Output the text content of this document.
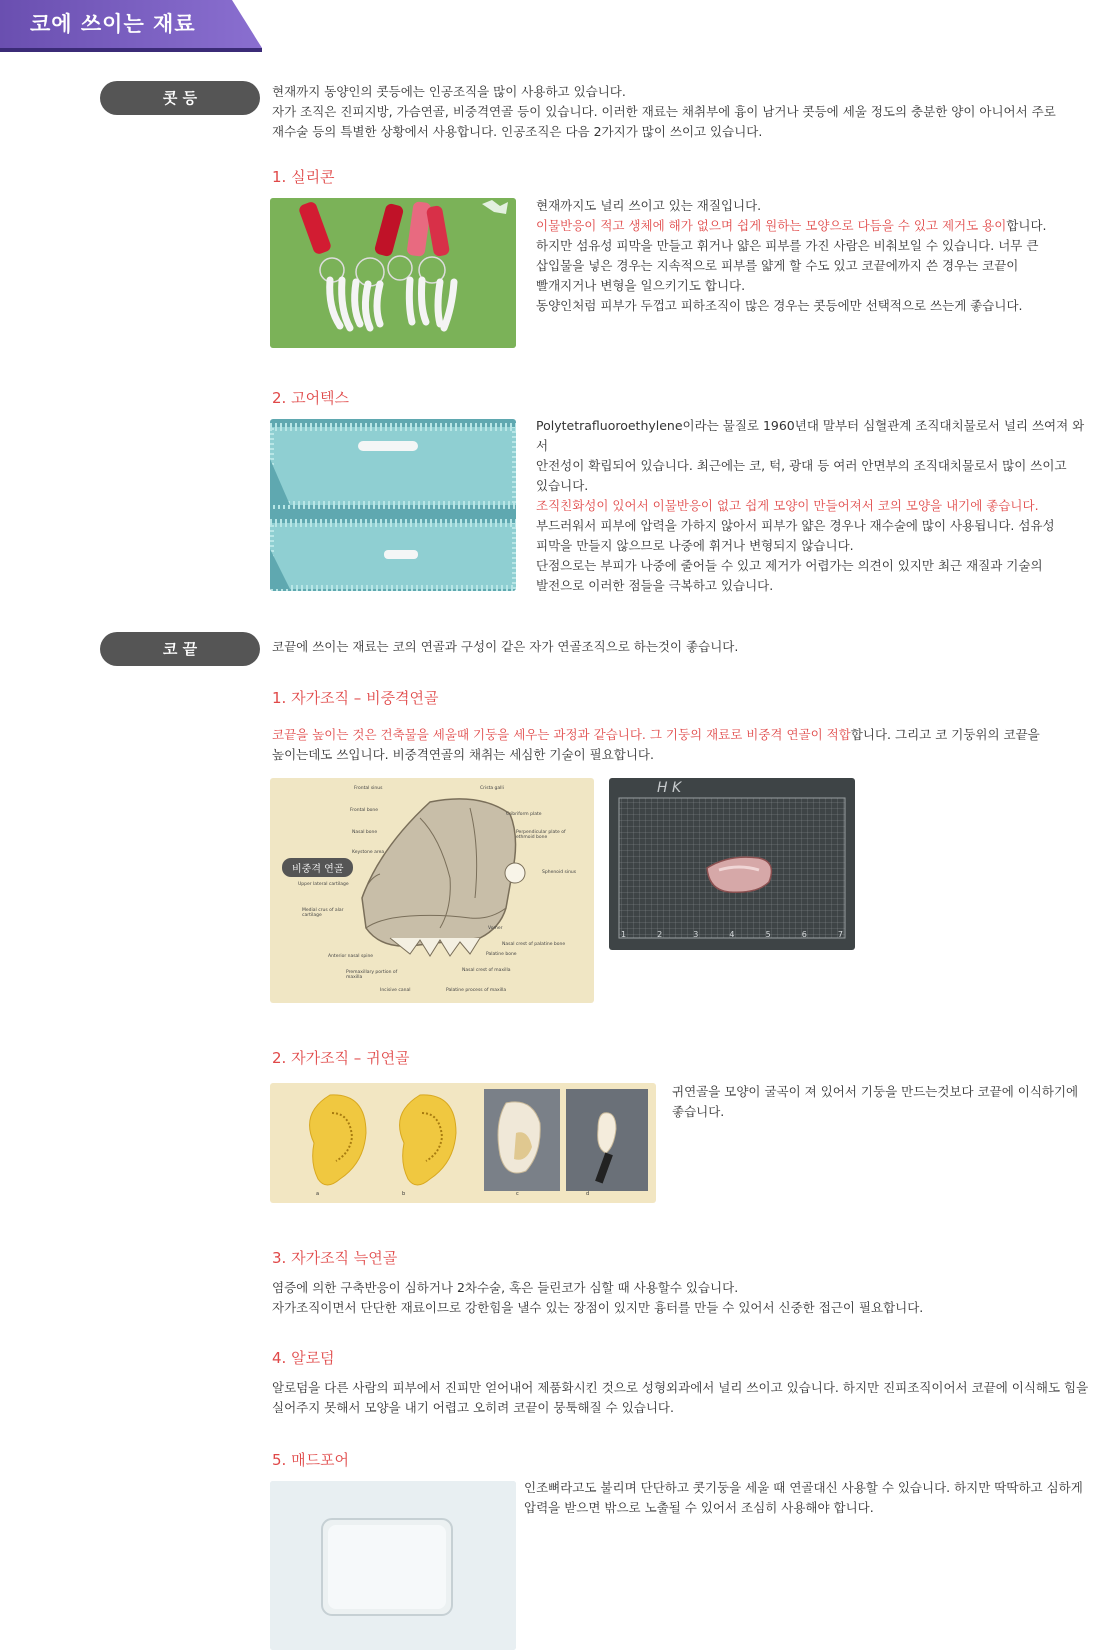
코에 쓰이는 재료
콧 등	현재까지 동양인의 콧등에는 인공조직을 많이 사용하고 있습니다.

자가 조직은 진피지방, 가슴연골, 비중격연골 등이 있습니다. 이러한 재료는 채취부에 흉이 남거나 콧등에 세울 정도의 충분한 양이 아니어서 주로

재수술 등의 특별한 상황에서 사용합니다. 인공조직은 다음 2가지가 많이 쓰이고 있습니다.

1. 실리콘

현재까지도 널리 쓰이고 있는 재질입니다.

이물반응이 적고 생체에 해가 없으며 쉽게 원하는 모양으로 다듬을 수 있고 제거도 용이합니다.

하지만 섬유성 피막을 만들고 휘거나 얇은 피부를 가진 사람은 비춰보일 수 있습니다. 너무 큰

삽입물을 넣은 경우는 지속적으로 피부를 얇게 할 수도 있고 코끝에까지 쓴 경우는 코끝이

빨개지거나 변형을 일으키기도 합니다.

동양인처럼 피부가 두껍고 피하조직이 많은 경우는 콧등에만 선택적으로 쓰는게 좋습니다.

2. 고어텍스

Polytetrafluoroethylene이라는 물질로 1960년대 말부터 심혈관계 조직대치물로서 널리 쓰여져 와서

안전성이 확립되어 있습니다. 최근에는 코, 턱, 광대 등 여러 안면부의 조직대치물로서 많이 쓰이고

있습니다.

조직친화성이 있어서 이물반응이 없고 쉽게 모양이 만들어져서 코의 모양을 내기에 좋습니다.

부드러워서 피부에 압력을 가하지 않아서 피부가 얇은 경우나 재수술에 많이 사용됩니다. 섬유성

피막을 만들지 않으므로 나중에 휘거나 변형되지 않습니다.

단점으로는 부피가 나중에 줄어들 수 있고 제거가 어렵가는 의견이 있지만 최근 재질과 기술의

발전으로 이러한 점들을 극복하고 있습니다.

코 끝	코끝에 쓰이는 재료는 코의 연골과 구성이 같은 자가 연골조직으로 하는것이 좋습니다.
1. 자가조직 – 비중격연골

코끝을 높이는 것은 건축물을 세울때 기둥을 세우는 과정과 같습니다. 그 기둥의 재료로 비중격 연골이 적합합니다. 그리고 코 기둥위의 코끝을

높이는데도 쓰입니다. 비중격연골의 채취는 세심한 기술이 필요합니다.

비중격 연골
Frontal sinus	Crista galli
Frontal bone
Cribriform plate
Nasal bone	Perpendicular plate of ethmoid bone
Keystone area
Sphenoid sinus
Upper lateral cartilage
Medial crus of alar cartilage
Vomer
Anterior nasal spine
Nasal crest of palatine bone
Palatine bone
Premaxillary portion of maxilla
Nasal crest of maxilla
Incisive canal	Palatine process of maxilla
H K
1	2	3	4	5	6	7
2. 자가조직 – 귀연골
a	b	c	d

귀연골을 모양이 굴곡이 져 있어서 기둥을 만드는것보다 코끝에 이식하기에

좋습니다.

3. 자가조직 늑연골

염증에 의한 구축반응이 심하거나 2차수술, 혹은 들린코가 심할 때 사용할수 있습니다.

자가조직이면서 단단한 재료이므로 강한힘을 낼수 있는 장점이 있지만 흉터를 만들 수 있어서 신중한 접근이 필요합니다.

4. 알로덤

알로덤을 다른 사람의 피부에서 진피만 얻어내어 제품화시킨 것으로 성형외과에서 널리 쓰이고 있습니다. 하지만 진피조직이어서 코끝에 이식해도 힘을

실어주지 못해서 모양을 내기 어렵고 오히려 코끝이 뭉툭해질 수 있습니다.

5. 매드포어

인조뼈라고도 불리며 단단하고 콧기둥을 세울 때 연골대신 사용할 수 있습니다. 하지만 딱딱하고 심하게

압력을 받으면 밖으로 노출될 수 있어서 조심히 사용해야 합니다.
